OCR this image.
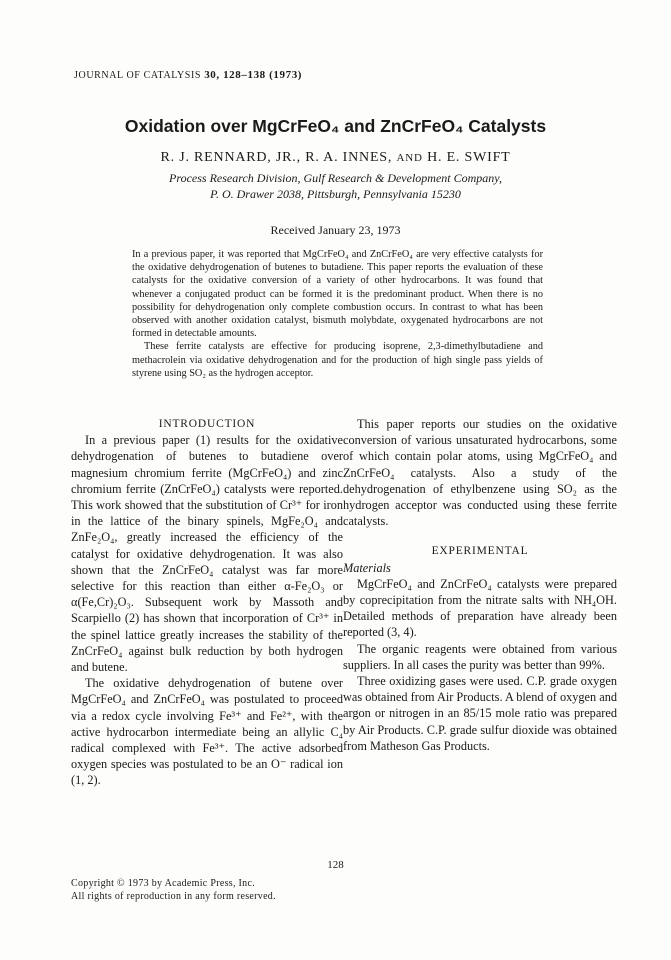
JOURNAL OF CATALYSIS 30, 128–138 (1973)
Oxidation over MgCrFeO₄ and ZnCrFeO₄ Catalysts
R. J. RENNARD, JR., R. A. INNES, AND H. E. SWIFT
Process Research Division, Gulf Research & Development Company,
P. O. Drawer 2038, Pittsburgh, Pennsylvania 15230
Received January 23, 1973

In a previous paper, it was reported that MgCrFeO₄ and ZnCrFeO₄ are very effective catalysts for the oxidative dehydrogenation of butenes to butadiene. This paper reports the evaluation of these catalysts for the oxidative conversion of a variety of other hydrocarbons. It was found that whenever a conjugated product can be formed it is the predominant product. When there is no possibility for dehydrogenation only complete combustion occurs. In contrast to what has been observed with another oxidation catalyst, bismuth molybdate, oxygenated hydrocarbons are not formed in detectable amounts.

These ferrite catalysts are effective for producing isoprene, 2,3-dimethylbutadiene and methacrolein via oxidative dehydrogenation and for the production of high single pass yields of styrene using SO₂ as the hydrogen acceptor.

INTRODUCTION

In a previous paper (1) results for the oxidative dehydrogenation of butenes to butadiene over magnesium chromium ferrite (MgCrFeO₄) and zinc chromium ferrite (ZnCrFeO₄) catalysts were reported. This work showed that the substitution of Cr³⁺ for iron in the lattice of the binary spinels, MgFe₂O₄ and ZnFe₂O₄, greatly increased the efficiency of the catalyst for oxidative dehydrogenation. It was also shown that the ZnCrFeO₄ catalyst was far more selective for this reaction than either α-Fe₂O₃ or α(Fe,Cr)₂O₃. Subsequent work by Massoth and Scarpiello (2) has shown that incorporation of Cr³⁺ in the spinel lattice greatly increases the stability of the ZnCrFeO₄ against bulk reduction by both hydrogen and butene.

The oxidative dehydrogenation of butene over MgCrFeO₄ and ZnCrFeO₄ was postulated to proceed via a redox cycle involving Fe³⁺ and Fe²⁺, with the active hydrocarbon intermediate being an allylic C₄ radical complexed with Fe³⁺. The active adsorbed oxygen species was postulated to be an O⁻ radical ion (1, 2).

This paper reports our studies on the oxidative conversion of various unsaturated hydrocarbons, some of which contain polar atoms, using MgCrFeO₄ and ZnCrFeO₄ catalysts. Also a study of the dehydrogenation of ethylbenzene using SO₂ as the hydrogen acceptor was conducted using these ferrite catalysts.

EXPERIMENTAL

Materials

MgCrFeO₄ and ZnCrFeO₄ catalysts were prepared by coprecipitation from the nitrate salts with NH₄OH. Detailed methods of preparation have already been reported (3, 4).

The organic reagents were obtained from various suppliers. In all cases the purity was better than 99%.

Three oxidizing gases were used. C.P. grade oxygen was obtained from Air Products. A blend of oxygen and argon or nitrogen in an 85/15 mole ratio was prepared by Air Products. C.P. grade sulfur dioxide was obtained from Matheson Gas Products.

128
Copyright © 1973 by Academic Press, Inc.
All rights of reproduction in any form reserved.
